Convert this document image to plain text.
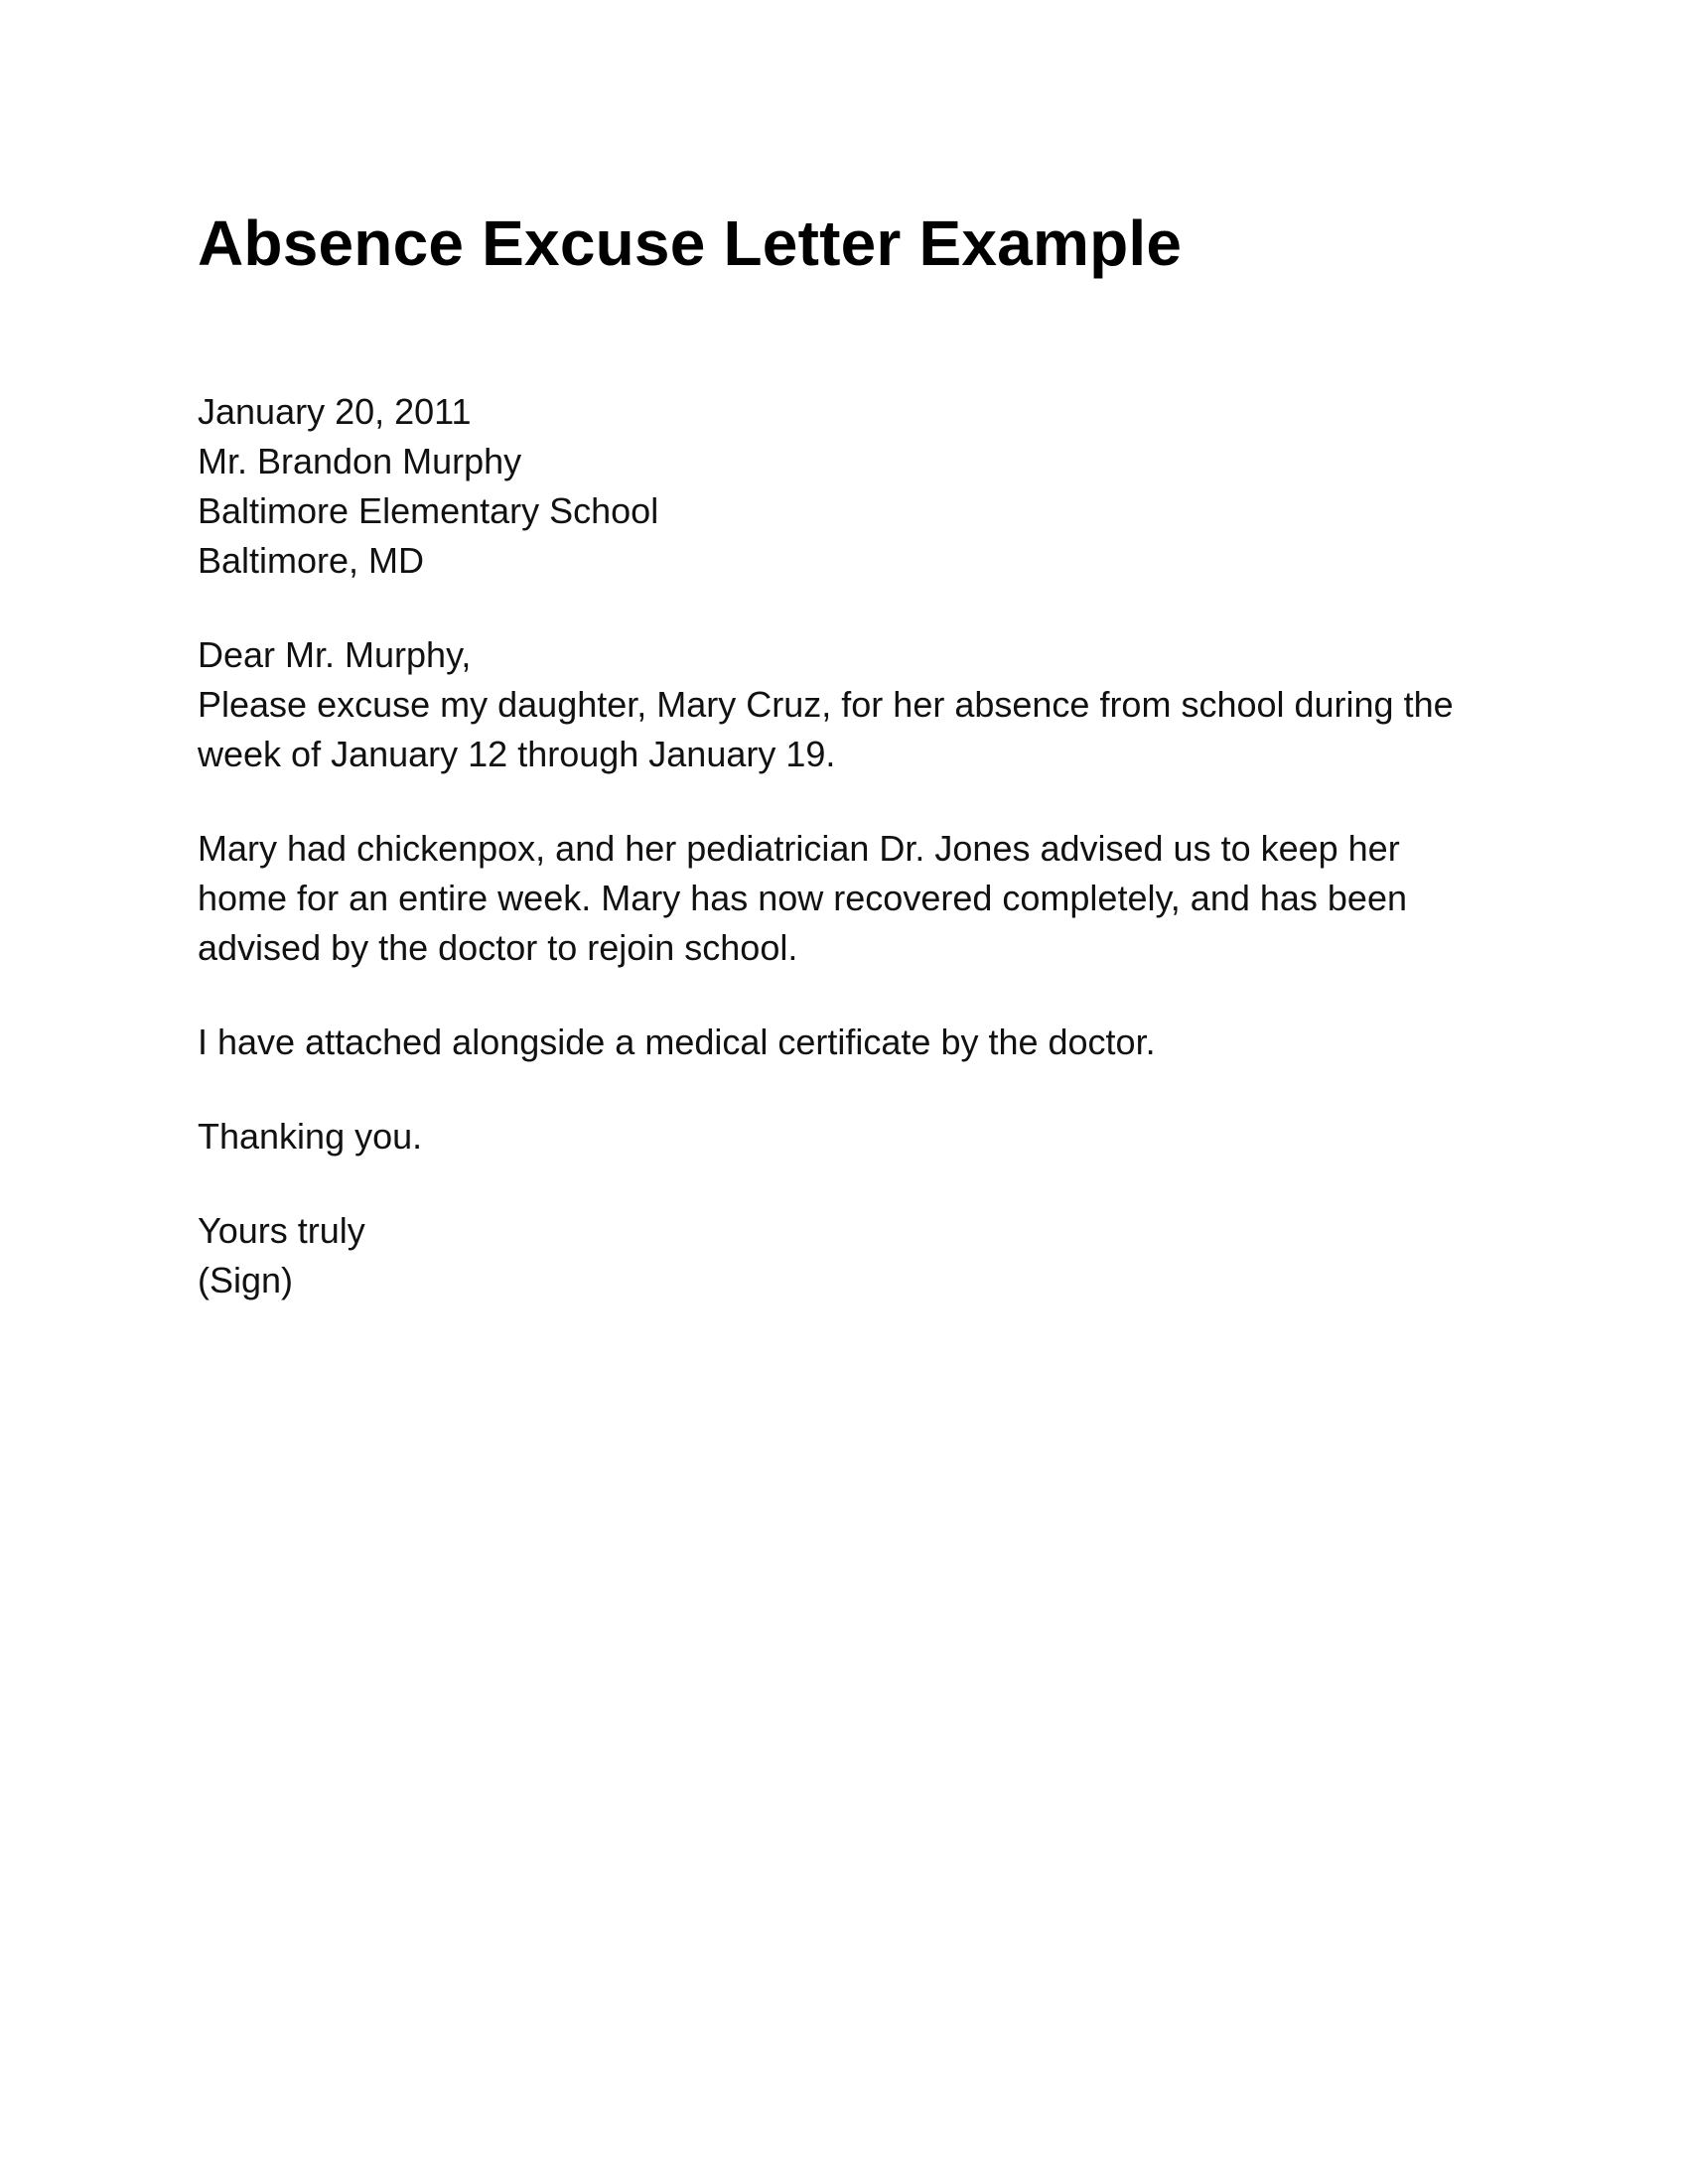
Absence Excuse Letter Example
January 20, 2011
Mr. Brandon Murphy
Baltimore Elementary School
Baltimore, MD
Dear Mr. Murphy,
Please excuse my daughter, Mary Cruz, for her absence from school during the
week of January 12 through January 19.
Mary had chickenpox, and her pediatrician Dr. Jones advised us to keep her
home for an entire week. Mary has now recovered completely, and has been
advised by the doctor to rejoin school.
I have attached alongside a medical certificate by the doctor.
Thanking you.
Yours truly
(Sign)
